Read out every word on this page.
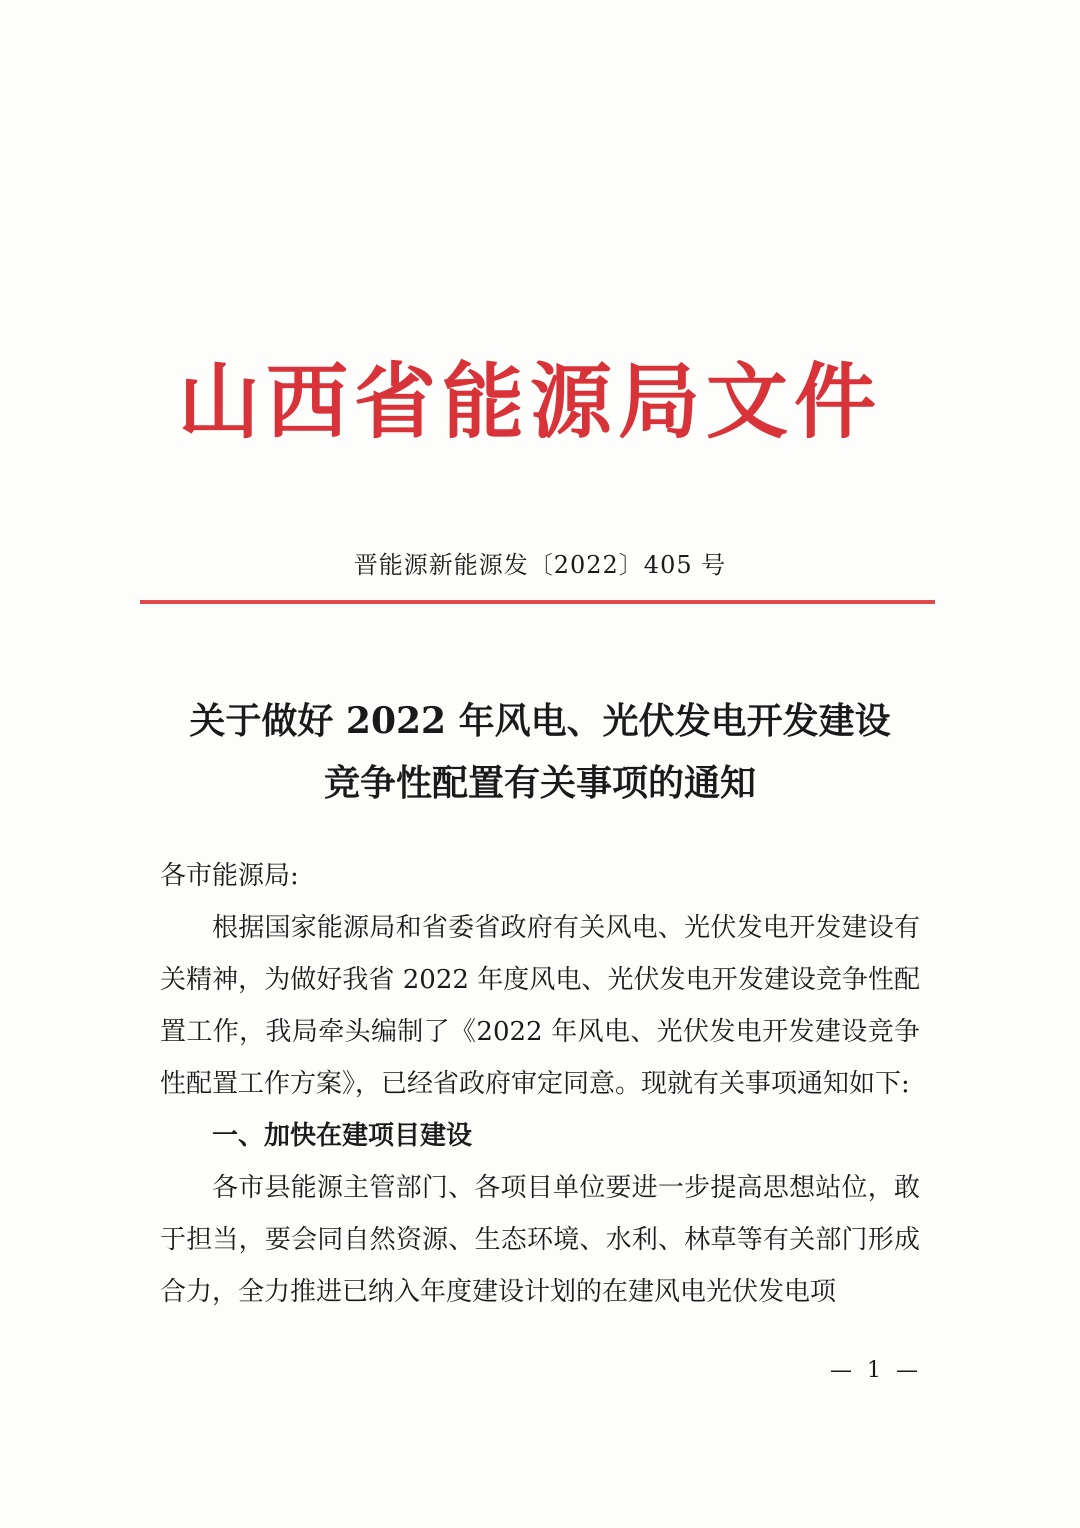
山西省能源局文件
晋能源新能源发〔2022〕405 号
关于做好 2022 年风电、光伏发电开发建设
竞争性配置有关事项的通知

各市能源局:

根据国家能源局和省委省政府有关风电、光伏发电开发建设有关精神，为做好我省 2022 年度风电、光伏发电开发建设竞争性配置工作，我局牵头编制了《2022 年风电、光伏发电开发建设竞争性配置工作方案》，已经省政府审定同意。现就有关事项通知如下:

一、加快在建项目建设

各市县能源主管部门、各项目单位要进一步提高思想站位，敢于担当，要会同自然资源、生态环境、水利、林草等有关部门形成合力，全力推进已纳入年度建设计划的在建风电光伏发电项

— 1 —
